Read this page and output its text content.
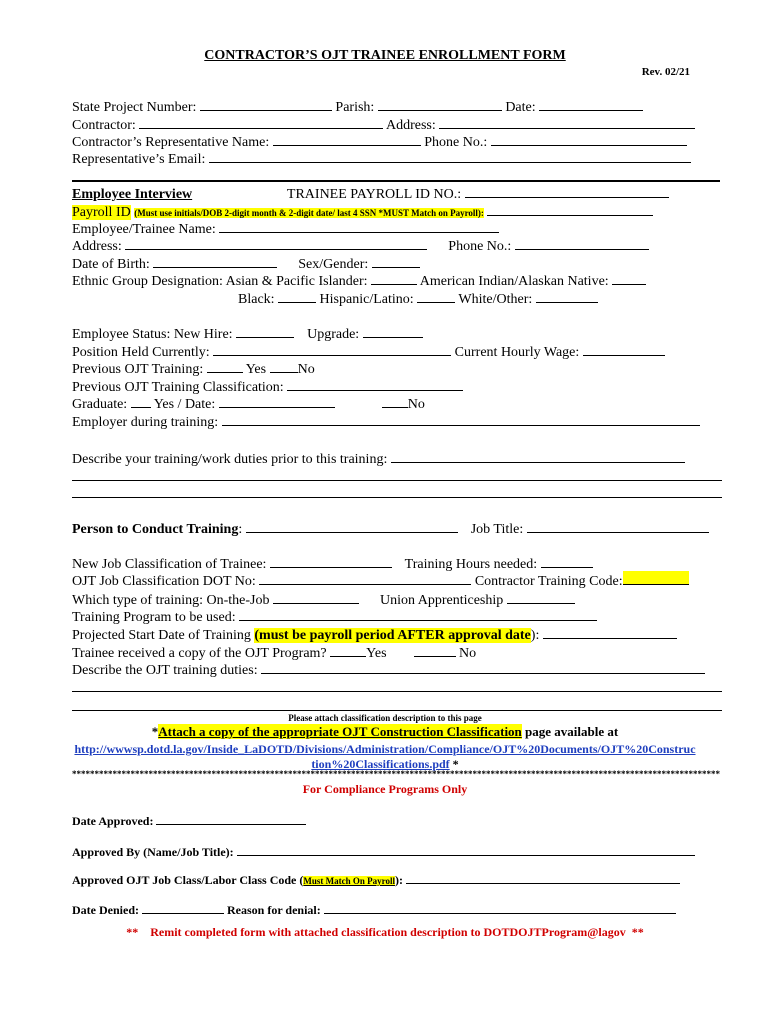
CONTRACTOR’S OJT TRAINEE ENROLLMENT FORM
Rev. 02/21
State Project Number:	Parish:	Date:
Contractor:	Address:
Contractor’s Representative Name:	Phone No.:
Representative’s Email:
Employee Interview	TRAINEE PAYROLL ID NO.:
Payroll ID (Must use initials/DOB 2-digit month & 2-digit date/ last 4 SSN *MUST Match on Payroll):
Employee/Trainee Name:
Address:	Phone No.:
Date of Birth:	Sex/Gender:
Ethnic Group Designation: Asian & Pacific Islander:	American Indian/Alaskan Native:
Black:	Hispanic/Latino:	White/Other:
Employee Status: New Hire:	Upgrade:
Position Held Currently:	Current Hourly Wage:
Previous OJT Training:	Yes No
Previous OJT Training Classification:
Graduate: Yes / Date:	No
Employer during training:
Describe your training/work duties prior to this training:
Person to Conduct Training:	Job Title:
New Job Classification of Trainee:	Training Hours needed:
OJT Job Classification DOT No:	Contractor Training Code:
Which type of training: On-the-Job	Union Apprenticeship
Training Program to be used:
Projected Start Date of Training (must be payroll period AFTER approval date):
Trainee received a copy of the OJT Program?	Yes	No
Describe the OJT training duties:
Please attach classification description to this page
*Attach a copy of the appropriate OJT Construction Classification page available at
http://wwwsp.dotd.la.gov/Inside_LaDOTD/Divisions/Administration/Compliance/OJT%20Documents/OJT%20Construc
tion%20Classifications.pdf *
************************************************************************************************************************************************
For Compliance Programs Only
Date Approved:
Approved By (Name/Job Title):
Approved OJT Job Class/Labor Class Code (Must Match On Payroll):
Date Denied:	Reason for denial:
**    Remit completed form with attached classification description to DOTDOJTProgram@lagov  **
